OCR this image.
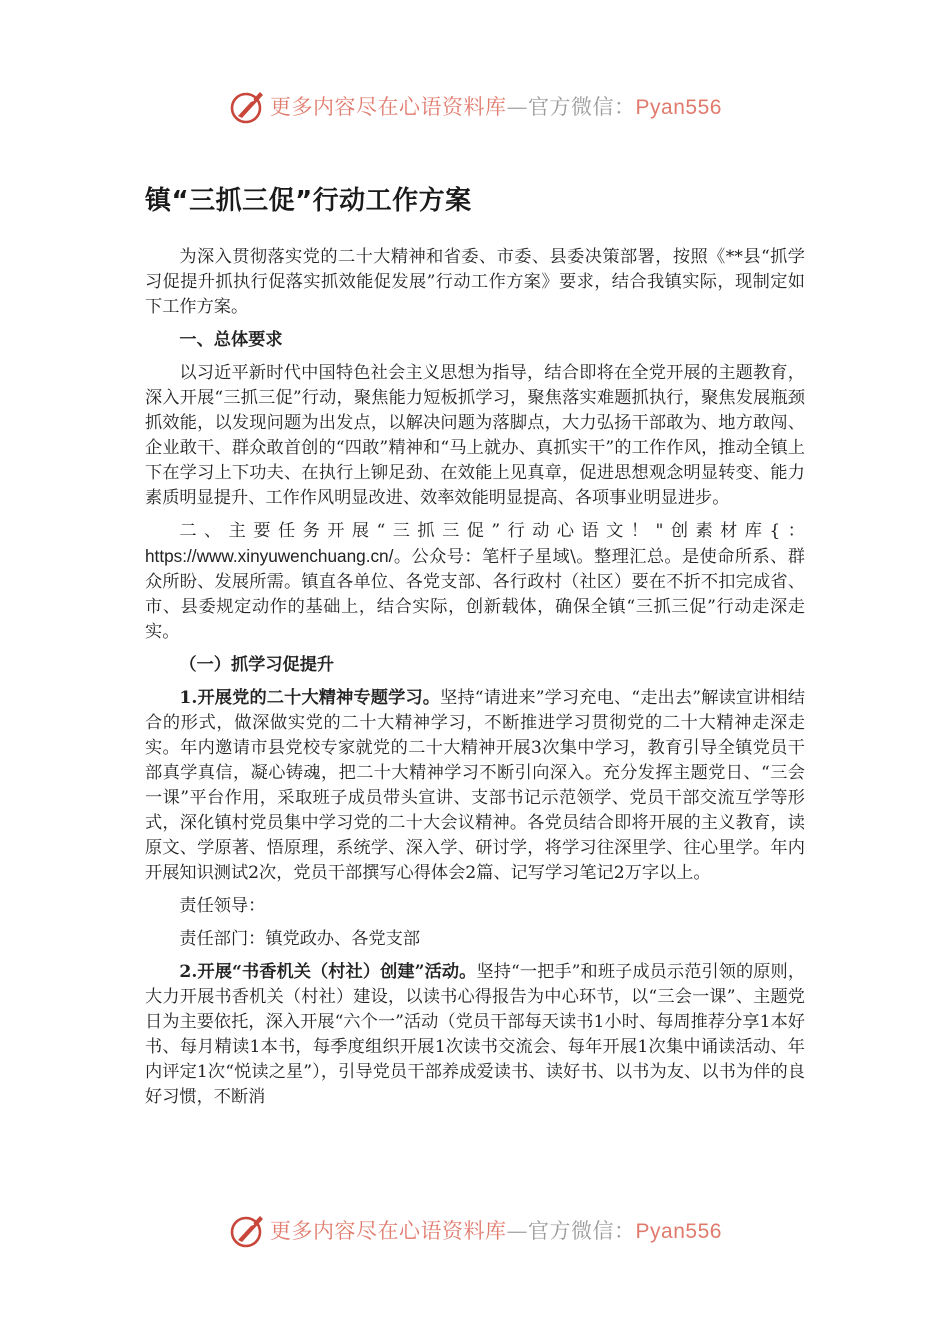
更多内容尽在心语资料库—官方微信：Pyan556
镇“三抓三促”行动工作方案

为深入贯彻落实党的二十大精神和省委、市委、县委决策部署，按照《**县“抓学习促提升抓执行促落实抓效能促发展”行动工作方案》要求，结合我镇实际，现制定如下工作方案。

一、总体要求

以习近平新时代中国特色社会主义思想为指导，结合即将在全党开展的主题教育，深入开展“三抓三促”行动，聚焦能力短板抓学习，聚焦落实难题抓执行，聚焦发展瓶颈抓效能，以发现问题为出发点，以解决问题为落脚点，大力弘扬干部敢为、地方敢闯、企业敢干、群众敢首创的“四敢”精神和“马上就办、真抓实干”的工作作风，推动全镇上下在学习上下功夫、在执行上铆足劲、在效能上见真章，促进思想观念明显转变、能力素质明显提升、工作作风明显改进、效率效能明显提高、各项事业明显进步。

二、主要任务开展“三抓三促”行动心语文！"创素材库{：https://www.xinyuwenchuang.cn/。公众号：笔杆子星域\。整理汇总。是使命所系、群众所盼、发展所需。镇直各单位、各党支部、各行政村（社区）要在不折不扣完成省、市、县委规定动作的基础上，结合实际，创新载体，确保全镇“三抓三促”行动走深走实。

（一）抓学习促提升

1.开展党的二十大精神专题学习。坚持“请进来”学习充电、“走出去”解读宣讲相结合的形式，做深做实党的二十大精神学习，不断推进学习贯彻党的二十大精神走深走实。年内邀请市县党校专家就党的二十大精神开展3次集中学习，教育引导全镇党员干部真学真信，凝心铸魂，把二十大精神学习不断引向深入。充分发挥主题党日、“三会一课”平台作用，采取班子成员带头宣讲、支部书记示范领学、党员干部交流互学等形式，深化镇村党员集中学习党的二十大会议精神。各党员结合即将开展的主义教育，读原文、学原著、悟原理，系统学、深入学、研讨学，将学习往深里学、往心里学。年内开展知识测试2次，党员干部撰写心得体会2篇、记写学习笔记2万字以上。

责任领导：

责任部门：镇党政办、各党支部

2.开展“书香机关（村社）创建”活动。坚持“一把手”和班子成员示范引领的原则，大力开展书香机关（村社）建设，以读书心得报告为中心环节，以“三会一课”、主题党日为主要依托，深入开展“六个一”活动（党员干部每天读书1小时、每周推荐分享1本好书、每月精读1本书，每季度组织开展1次读书交流会、每年开展1次集中诵读活动、年内评定1次“悦读之星”），引导党员干部养成爱读书、读好书、以书为友、以书为伴的良好习惯，不断消

更多内容尽在心语资料库—官方微信：Pyan556
